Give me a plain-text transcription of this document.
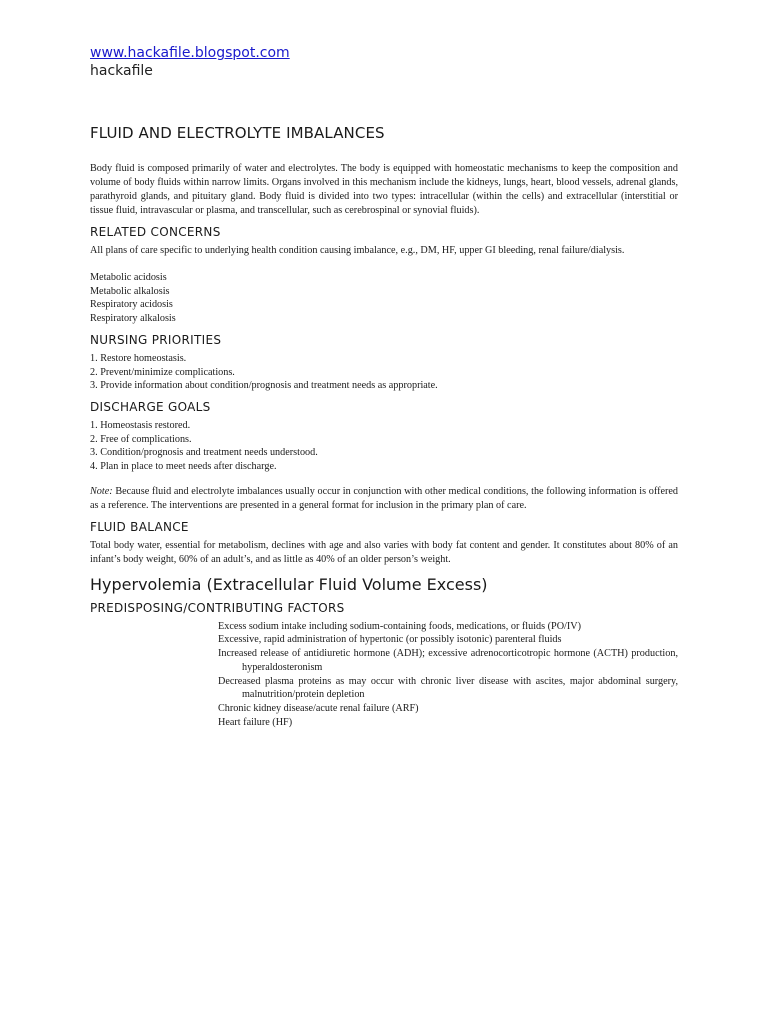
www.hackafile.blogspot.com
hackafile
FLUID AND ELECTROLYTE IMBALANCES

Body fluid is composed primarily of water and electrolytes. The body is equipped with homeostatic mechanisms to keep the composition and volume of body fluids within narrow limits. Organs involved in this mechanism include the kidneys, lungs, heart, blood vessels, adrenal glands, parathyroid glands, and pituitary gland. Body fluid is divided into two types: intracellular (within the cells) and extracellular (interstitial or tissue fluid, intravascular or plasma, and transcellular, such as cerebrospinal or synovial fluids).

RELATED CONCERNS

All plans of care specific to underlying health condition causing imbalance, e.g., DM, HF, upper GI bleeding, renal failure/dialysis.

Metabolic acidosis
Metabolic alkalosis
Respiratory acidosis
Respiratory alkalosis
NURSING PRIORITIES
1. Restore homeostasis.
2. Prevent/minimize complications.
3. Provide information about condition/prognosis and treatment needs as appropriate.
DISCHARGE GOALS
1. Homeostasis restored.
2. Free of complications.
3. Condition/prognosis and treatment needs understood.
4. Plan in place to meet needs after discharge.

Note: Because fluid and electrolyte imbalances usually occur in conjunction with other medical conditions, the following information is offered as a reference. The interventions are presented in a general format for inclusion in the primary plan of care.

FLUID BALANCE

Total body water, essential for metabolism, declines with age and also varies with body fat content and gender. It constitutes about 80% of an infant’s body weight, 60% of an adult’s, and as little as 40% of an older person’s weight.

Hypervolemia (Extracellular Fluid Volume Excess)
PREDISPOSING/CONTRIBUTING FACTORS
Excess sodium intake including sodium-containing foods, medications, or fluids (PO/IV)
Excessive, rapid administration of hypertonic (or possibly isotonic) parenteral fluids
Increased release of antidiuretic hormone (ADH); excessive adrenocorticotropic hormone (ACTH) production, hyperaldosteronism
Decreased plasma proteins as may occur with chronic liver disease with ascites, major abdominal surgery, malnutrition/protein depletion
Chronic kidney disease/acute renal failure (ARF)
Heart failure (HF)
